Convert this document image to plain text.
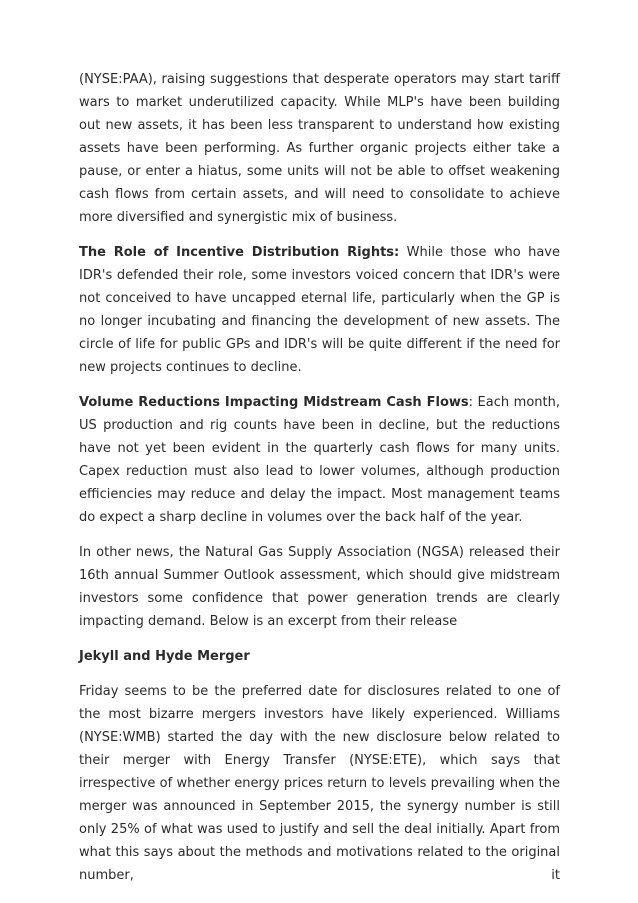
(NYSE:PAA), raising suggestions that desperate operators may start tariff wars to market underutilized capacity. While MLP's have been building out new assets, it has been less transparent to understand how existing assets have been performing. As further organic projects either take a pause, or enter a hiatus, some units will not be able to offset weakening cash flows from certain assets, and will need to consolidate to achieve more diversified and synergistic mix of business.

The Role of Incentive Distribution Rights: While those who have IDR's defended their role, some investors voiced concern that IDR's were not conceived to have uncapped eternal life, particularly when the GP is no longer incubating and financing the development of new assets. The circle of life for public GPs and IDR's will be quite different if the need for new projects continues to decline.

Volume Reductions Impacting Midstream Cash Flows: Each month, US production and rig counts have been in decline, but the reductions have not yet been evident in the quarterly cash flows for many units. Capex reduction must also lead to lower volumes, although production efficiencies may reduce and delay the impact. Most management teams do expect a sharp decline in volumes over the back half of the year.

In other news, the Natural Gas Supply Association (NGSA) released their 16th annual Summer Outlook assessment, which should give midstream investors some confidence that power generation trends are clearly impacting demand. Below is an excerpt from their release

Jekyll and Hyde Merger

Friday seems to be the preferred date for disclosures related to one of the most bizarre mergers investors have likely experienced. Williams (NYSE:WMB) started the day with the new disclosure below related to their merger with Energy Transfer (NYSE:ETE), which says that irrespective of whether energy prices return to levels prevailing when the merger was announced in September 2015, the synergy number is still only 25% of what was used to justify and sell the deal initially. Apart from what this says about the methods and motivations related to the original number, it
